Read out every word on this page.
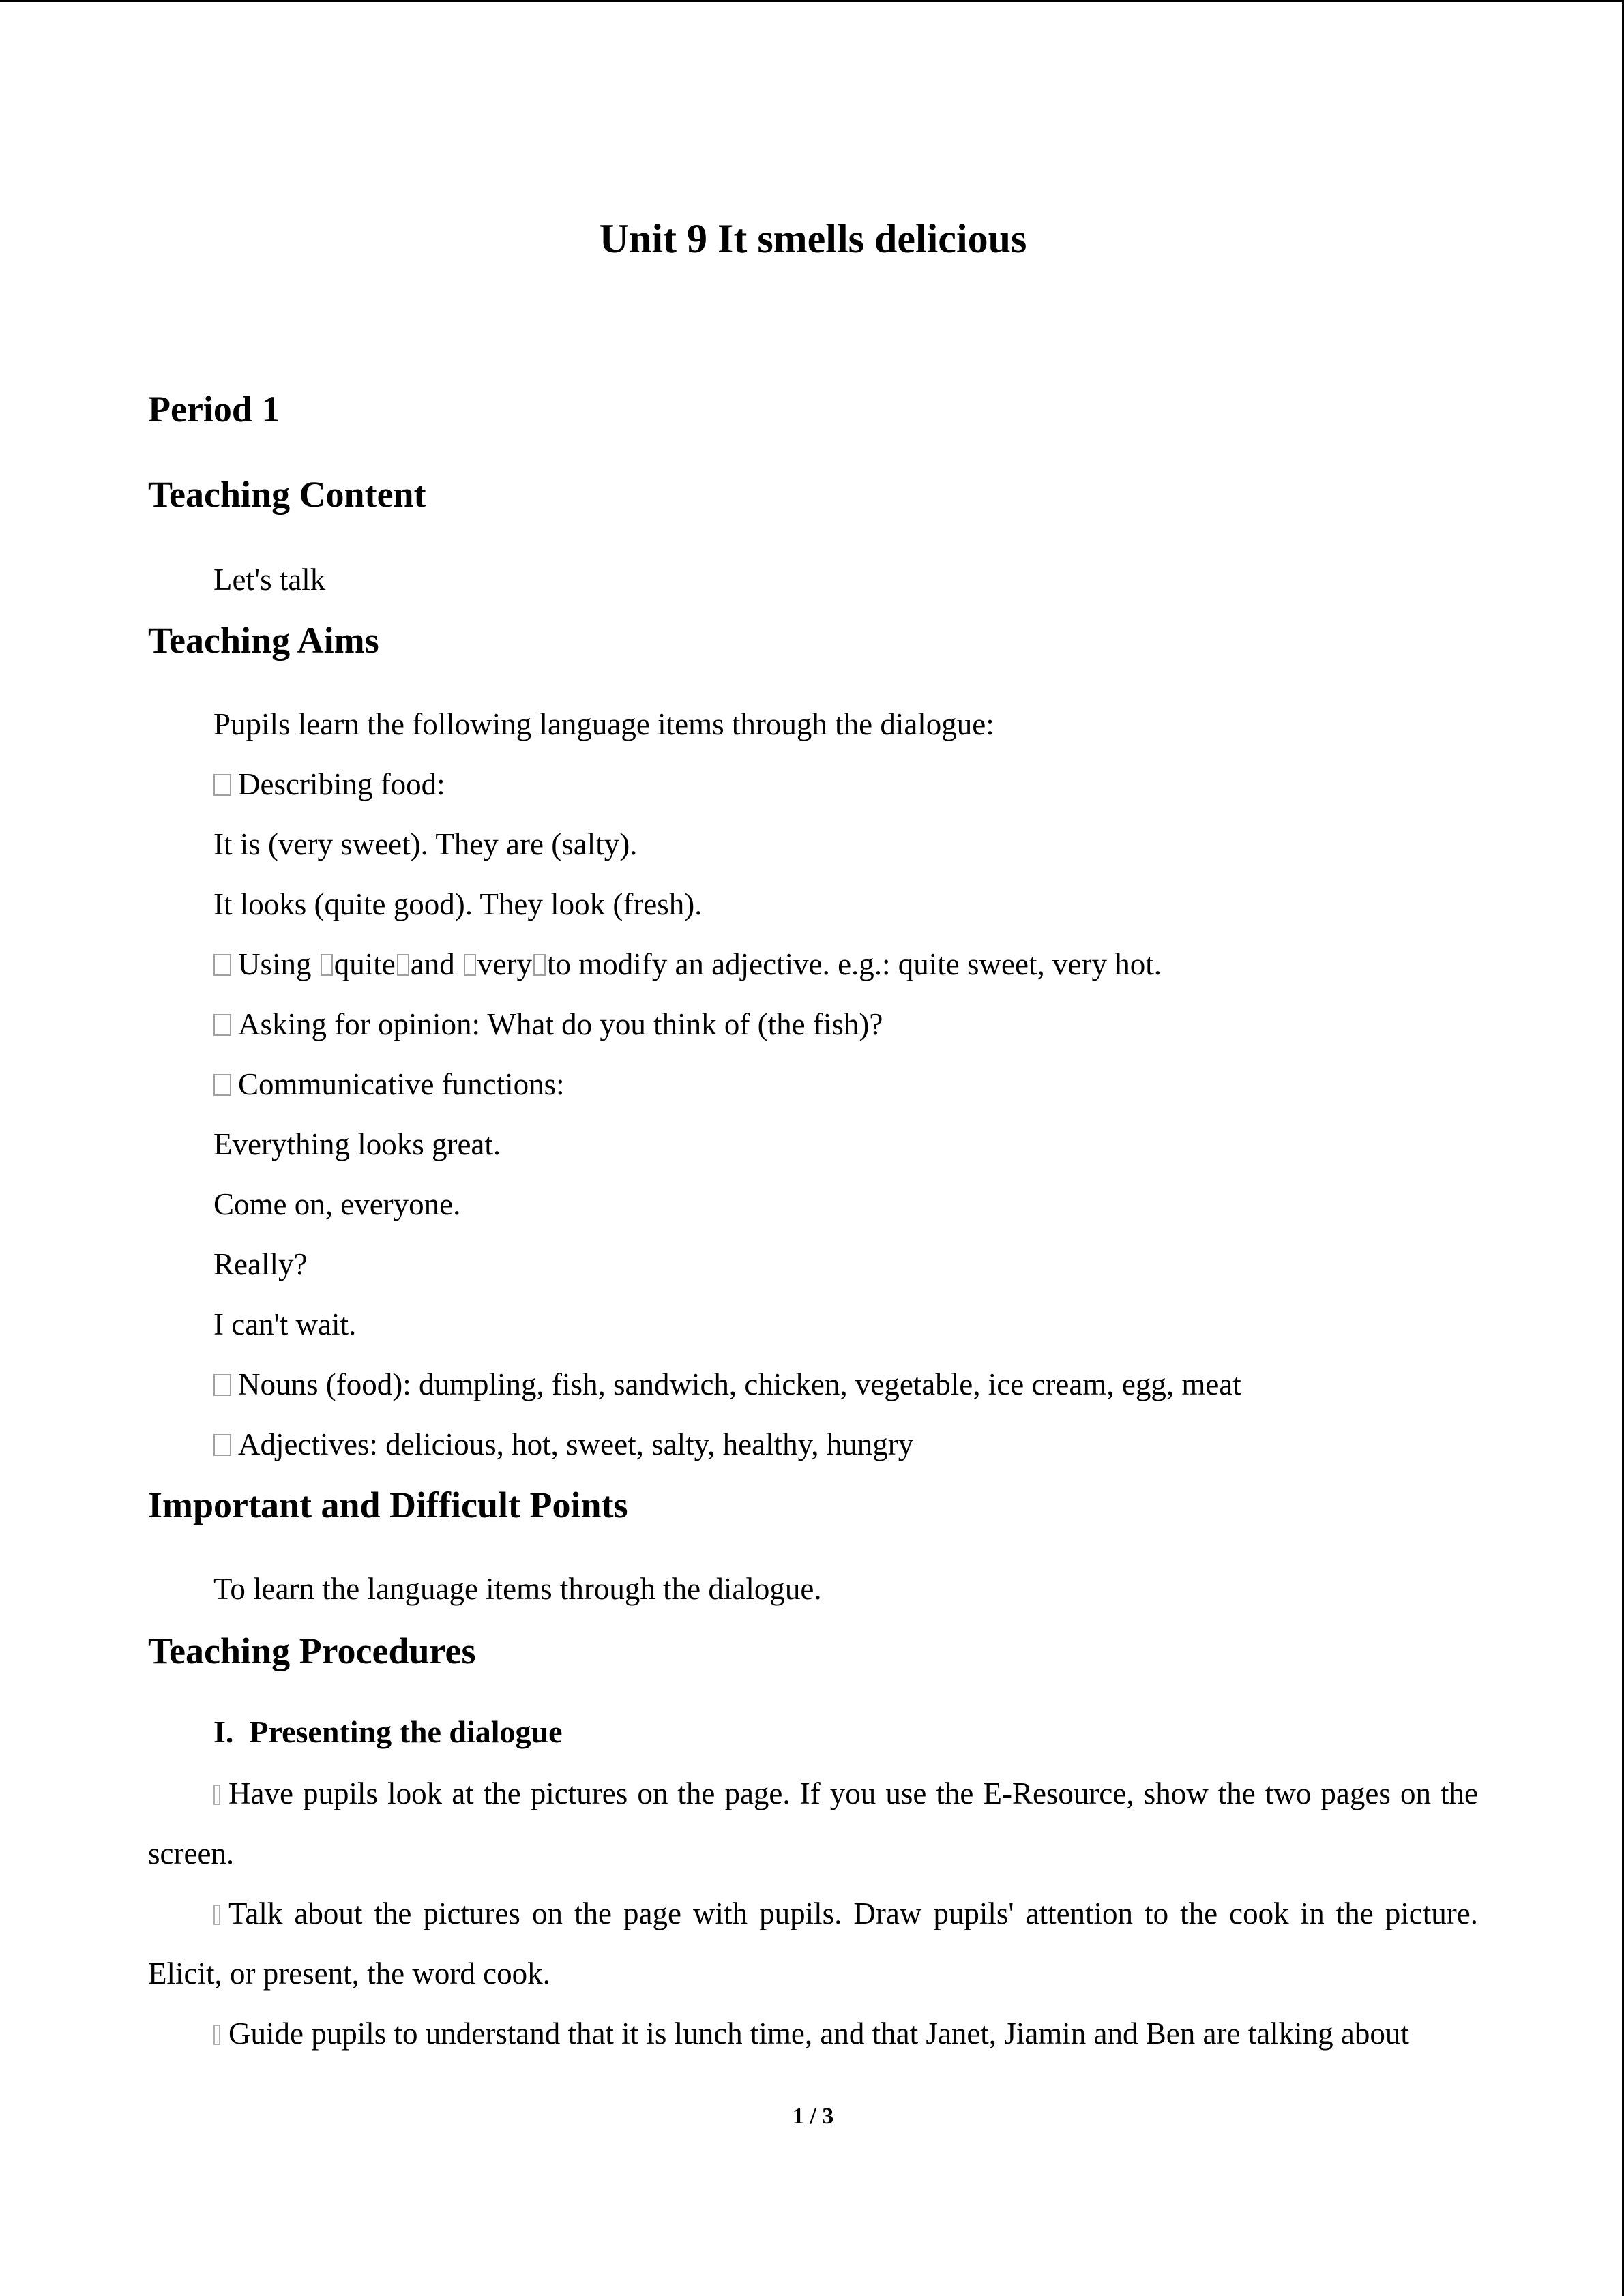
Unit 9 It smells delicious
Period 1
Teaching Content

Let's talk

Teaching Aims

Pupils learn the following language items through the dialogue:

Describing food:

It is (very sweet). They are (salty).

It looks (quite good). They look (fresh).

Using quite and very to modify an adjective. e.g.: quite sweet, very hot.

Asking for opinion: What do you think of (the fish)?

Communicative functions:

Everything looks great.

Come on, everyone.

Really?

I can't wait.

Nouns (food): dumpling, fish, sandwich, chicken, vegetable, ice cream, egg, meat

Adjectives: delicious, hot, sweet, salty, healthy, hungry

Important and Difficult Points

To learn the language items through the dialogue.

Teaching Procedures

I. Presenting the dialogue

Have pupils look at the pictures on the page. If you use the E-Resource, show the two pages on the screen.

Talk about the pictures on the page with pupils. Draw pupils' attention to the cook in the picture. Elicit, or present, the word cook.

Guide pupils to understand that it is lunch time, and that Janet, Jiamin and Ben are talking about

1 / 3
